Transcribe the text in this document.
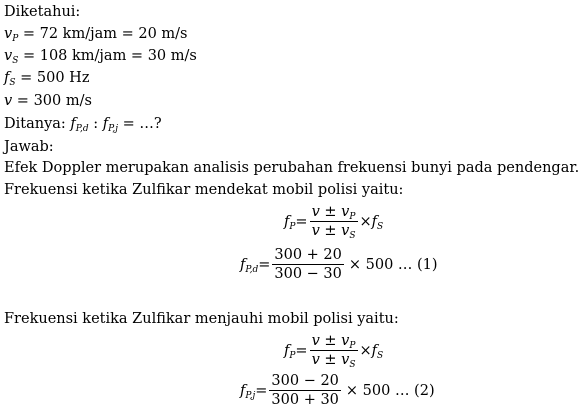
Diketahui:
$v_P = 72$ km/jam = 20 m/s
$v_S = 108$ km/jam = 30 m/s
$f_S = 500$ Hz
v = 300 m/s
Ditanya: $f_{P,d}$ : $f_{P,j}$ = …?
Jawab:
Efek Doppler merupakan analisis perubahan frekuensi bunyi pada pendengar.
Frekuensi ketika Zulfikar mendekat mobil polisi yaitu:
$f_P = \frac{v \pm v_P}{v \pm v_S} \times f_S$
$f_{P,d} = \frac{300 + 20}{300 - 30} \times 500$ … (1)
Frekuensi ketika Zulfikar menjauhi mobil polisi yaitu:
$f_P = \frac{v \pm v_P}{v \pm v_S} \times f_S$
$f_{P,j} = \frac{300 - 20}{300 + 30} \times 500$ … (2)
